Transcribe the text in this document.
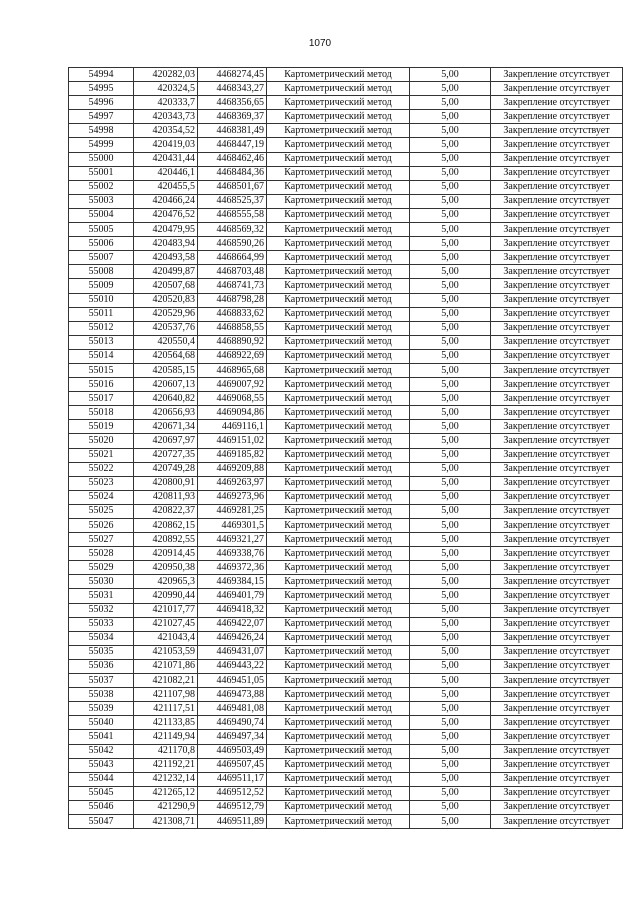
1070
54994	420282,03	4468274,45	Картометрический метод	5,00	Закрепление отсутствует
54995	420324,5	4468343,27	Картометрический метод	5,00	Закрепление отсутствует
54996	420333,7	4468356,65	Картометрический метод	5,00	Закрепление отсутствует
54997	420343,73	4468369,37	Картометрический метод	5,00	Закрепление отсутствует
54998	420354,52	4468381,49	Картометрический метод	5,00	Закрепление отсутствует
54999	420419,03	4468447,19	Картометрический метод	5,00	Закрепление отсутствует
55000	420431,44	4468462,46	Картометрический метод	5,00	Закрепление отсутствует
55001	420446,1	4468484,36	Картометрический метод	5,00	Закрепление отсутствует
55002	420455,5	4468501,67	Картометрический метод	5,00	Закрепление отсутствует
55003	420466,24	4468525,37	Картометрический метод	5,00	Закрепление отсутствует
55004	420476,52	4468555,58	Картометрический метод	5,00	Закрепление отсутствует
55005	420479,95	4468569,32	Картометрический метод	5,00	Закрепление отсутствует
55006	420483,94	4468590,26	Картометрический метод	5,00	Закрепление отсутствует
55007	420493,58	4468664,99	Картометрический метод	5,00	Закрепление отсутствует
55008	420499,87	4468703,48	Картометрический метод	5,00	Закрепление отсутствует
55009	420507,68	4468741,73	Картометрический метод	5,00	Закрепление отсутствует
55010	420520,83	4468798,28	Картометрический метод	5,00	Закрепление отсутствует
55011	420529,96	4468833,62	Картометрический метод	5,00	Закрепление отсутствует
55012	420537,76	4468858,55	Картометрический метод	5,00	Закрепление отсутствует
55013	420550,4	4468890,92	Картометрический метод	5,00	Закрепление отсутствует
55014	420564,68	4468922,69	Картометрический метод	5,00	Закрепление отсутствует
55015	420585,15	4468965,68	Картометрический метод	5,00	Закрепление отсутствует
55016	420607,13	4469007,92	Картометрический метод	5,00	Закрепление отсутствует
55017	420640,82	4469068,55	Картометрический метод	5,00	Закрепление отсутствует
55018	420656,93	4469094,86	Картометрический метод	5,00	Закрепление отсутствует
55019	420671,34	4469116,1	Картометрический метод	5,00	Закрепление отсутствует
55020	420697,97	4469151,02	Картометрический метод	5,00	Закрепление отсутствует
55021	420727,35	4469185,82	Картометрический метод	5,00	Закрепление отсутствует
55022	420749,28	4469209,88	Картометрический метод	5,00	Закрепление отсутствует
55023	420800,91	4469263,97	Картометрический метод	5,00	Закрепление отсутствует
55024	420811,93	4469273,96	Картометрический метод	5,00	Закрепление отсутствует
55025	420822,37	4469281,25	Картометрический метод	5,00	Закрепление отсутствует
55026	420862,15	4469301,5	Картометрический метод	5,00	Закрепление отсутствует
55027	420892,55	4469321,27	Картометрический метод	5,00	Закрепление отсутствует
55028	420914,45	4469338,76	Картометрический метод	5,00	Закрепление отсутствует
55029	420950,38	4469372,36	Картометрический метод	5,00	Закрепление отсутствует
55030	420965,3	4469384,15	Картометрический метод	5,00	Закрепление отсутствует
55031	420990,44	4469401,79	Картометрический метод	5,00	Закрепление отсутствует
55032	421017,77	4469418,32	Картометрический метод	5,00	Закрепление отсутствует
55033	421027,45	4469422,07	Картометрический метод	5,00	Закрепление отсутствует
55034	421043,4	4469426,24	Картометрический метод	5,00	Закрепление отсутствует
55035	421053,59	4469431,07	Картометрический метод	5,00	Закрепление отсутствует
55036	421071,86	4469443,22	Картометрический метод	5,00	Закрепление отсутствует
55037	421082,21	4469451,05	Картометрический метод	5,00	Закрепление отсутствует
55038	421107,98	4469473,88	Картометрический метод	5,00	Закрепление отсутствует
55039	421117,51	4469481,08	Картометрический метод	5,00	Закрепление отсутствует
55040	421133,85	4469490,74	Картометрический метод	5,00	Закрепление отсутствует
55041	421149,94	4469497,34	Картометрический метод	5,00	Закрепление отсутствует
55042	421170,8	4469503,49	Картометрический метод	5,00	Закрепление отсутствует
55043	421192,21	4469507,45	Картометрический метод	5,00	Закрепление отсутствует
55044	421232,14	4469511,17	Картометрический метод	5,00	Закрепление отсутствует
55045	421265,12	4469512,52	Картометрический метод	5,00	Закрепление отсутствует
55046	421290,9	4469512,79	Картометрический метод	5,00	Закрепление отсутствует
55047	421308,71	4469511,89	Картометрический метод	5,00	Закрепление отсутствует
